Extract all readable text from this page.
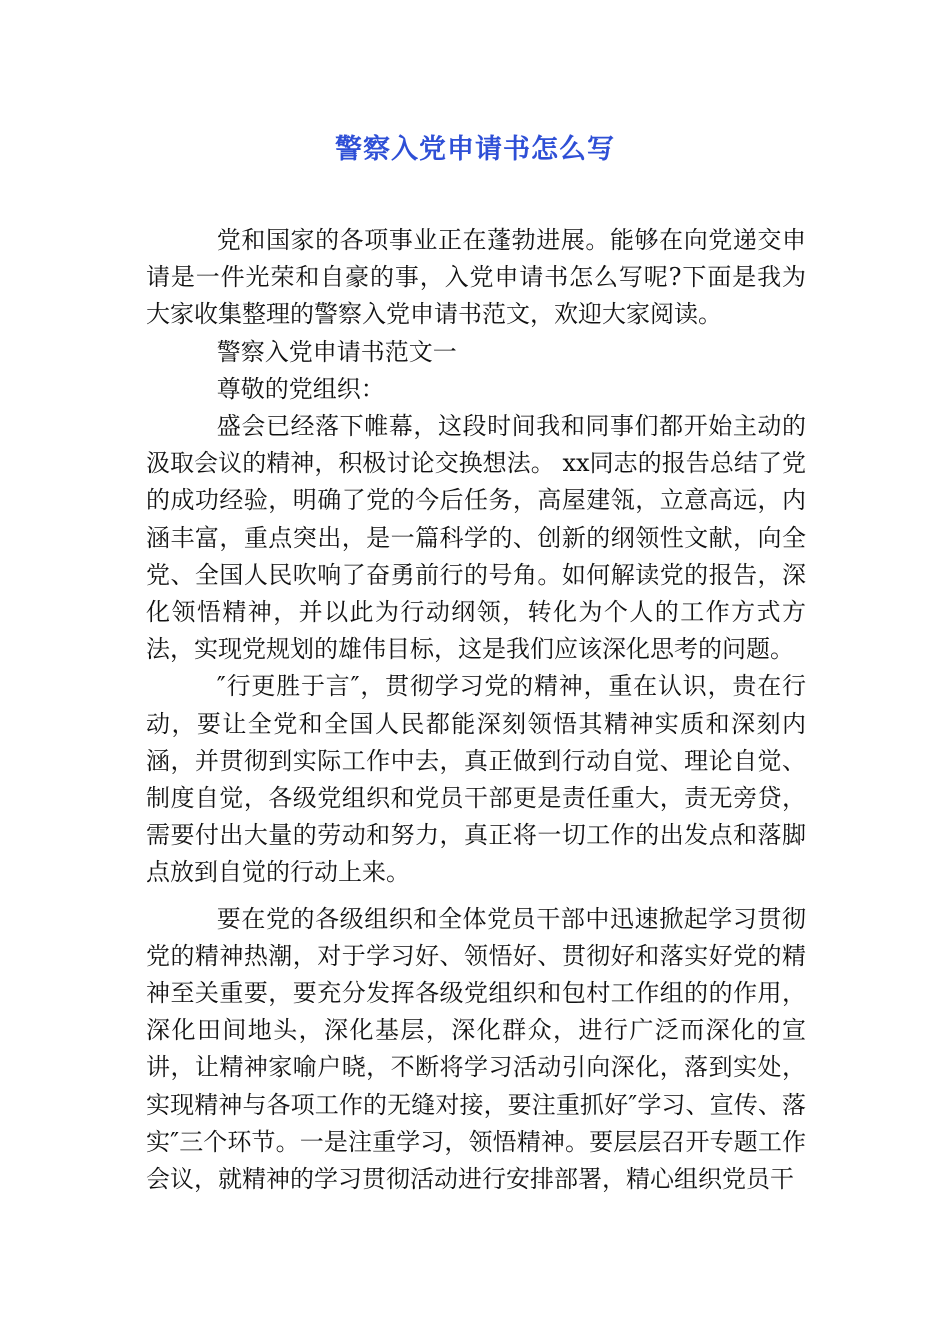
警察入党申请书怎么写

党和国家的各项事业正在蓬勃进展。能够在向党递交申请是一件光荣和自豪的事，入党申请书怎么写呢?下面是我为大家收集整理的警察入党申请书范文，欢迎大家阅读。

警察入党申请书范文一

尊敬的党组织：

盛会已经落下帷幕，这段时间我和同事们都开始主动的汲取会议的精神，积极讨论交换想法。 xx同志的报告总结了党的成功经验，明确了党的今后任务，高屋建瓴，立意高远，内涵丰富，重点突出，是一篇科学的、创新的纲领性文献，向全党、全国人民吹响了奋勇前行的号角。如何解读党的报告，深化领悟精神，并以此为行动纲领，转化为个人的工作方式方法，实现党规划的雄伟目标，这是我们应该深化思考的问题。

″行更胜于言″，贯彻学习党的精神，重在认识，贵在行动，要让全党和全国人民都能深刻领悟其精神实质和深刻内涵，并贯彻到实际工作中去，真正做到行动自觉、理论自觉、制度自觉，各级党组织和党员干部更是责任重大，责无旁贷，需要付出大量的劳动和努力，真正将一切工作的出发点和落脚点放到自觉的行动上来。

要在党的各级组织和全体党员干部中迅速掀起学习贯彻党的精神热潮，对于学习好、领悟好、贯彻好和落实好党的精神至关重要，要充分发挥各级党组织和包村工作组的的作用，深化田间地头，深化基层，深化群众，进行广泛而深化的宣讲，让精神家喻户晓，不断将学习活动引向深化，落到实处，实现精神与各项工作的无缝对接，要注重抓好″学习、宣传、落实″三个环节。一是注重学习，领悟精神。要层层召开专题工作会议，就精神的学习贯彻活动进行安排部署，精心组织党员干
